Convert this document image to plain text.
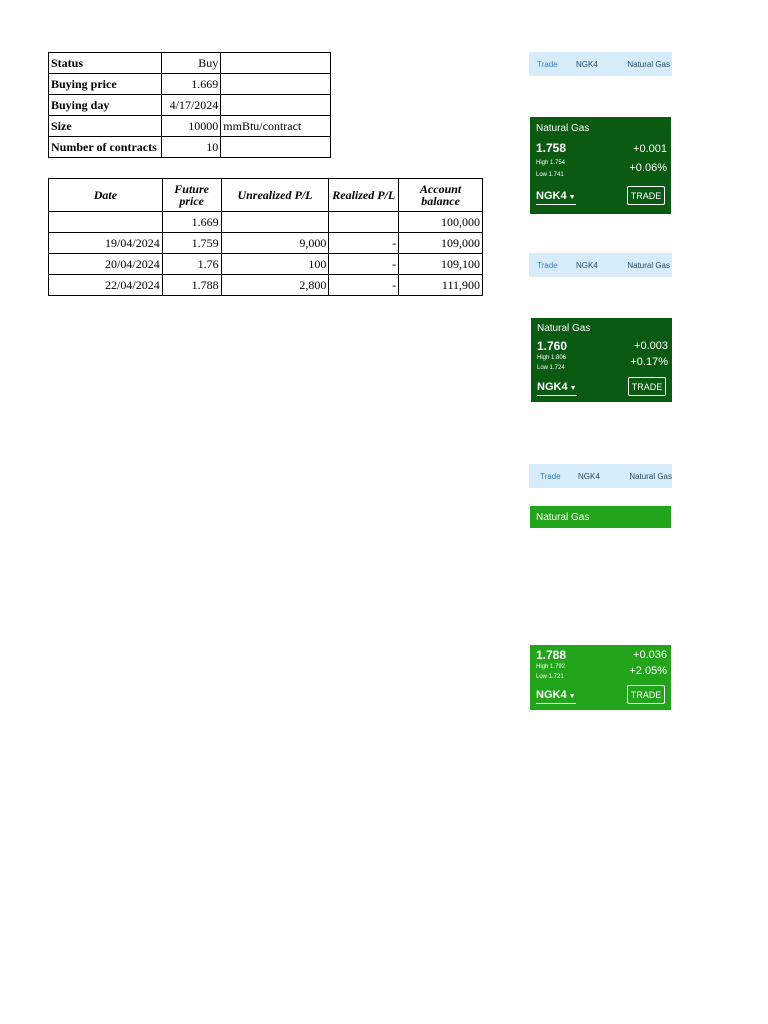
Status	Buy	
Buying price	1.669	
Buying day	4/17/2024	
Size	10000	mmBtu/contract
Number of contracts	10	
Date	Future price	Unrealized P/L	Realized P/L	Account balance
	1.669			100,000
19/04/2024	1.759	9,000	-	109,000
20/04/2024	1.76	100	-	109,100
22/04/2024	1.788	2,800	-	111,900
Trade NGK4	Natural Gas
Trade NGK4	Natural Gas
Trade NGK4	Natural Gas
Natural Gas
1.758
High 1.754
Low 1.741
+0.001
+0.06%
NGK4 ▼	TRADE
Natural Gas
1.760
High 1.806
Low 1.724
+0.003
+0.17%
NGK4 ▼	TRADE
Natural Gas
1.788
High 1.792
Low 1.721
+0.036
+2.05%
NGK4 ▼	TRADE
